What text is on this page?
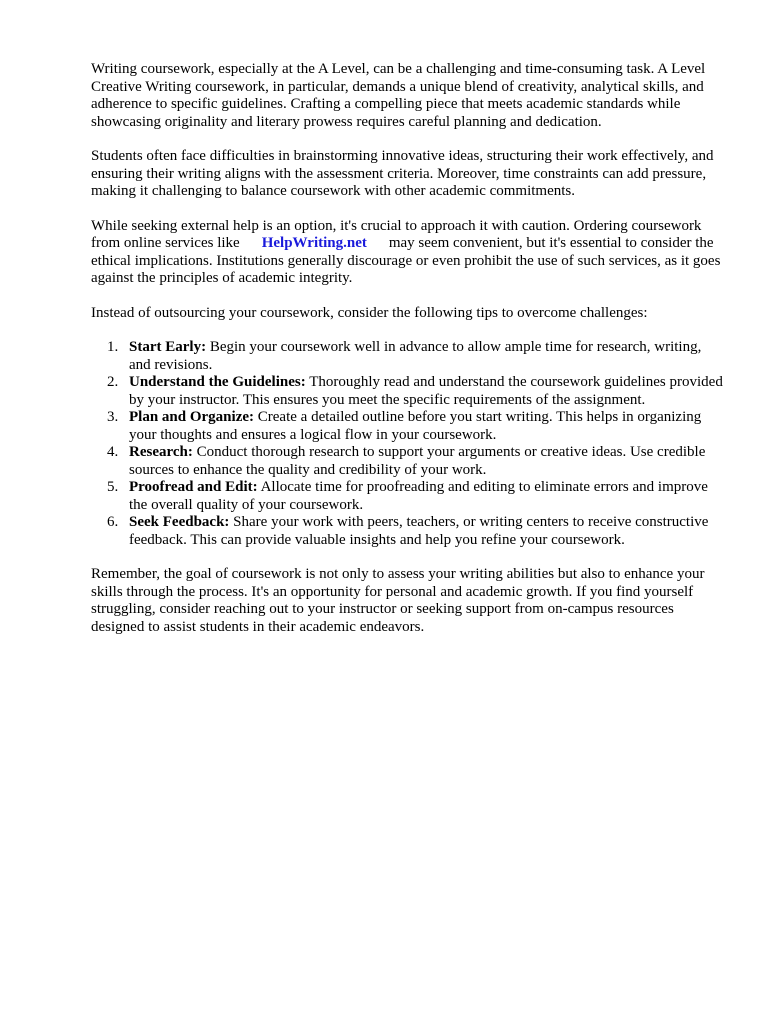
Writing coursework, especially at the A Level, can be a challenging and time-consuming task. A Level Creative Writing coursework, in particular, demands a unique blend of creativity, analytical skills, and adherence to specific guidelines. Crafting a compelling piece that meets academic standards while showcasing originality and literary prowess requires careful planning and dedication.

Students often face difficulties in brainstorming innovative ideas, structuring their work effectively, and ensuring their writing aligns with the assessment criteria. Moreover, time constraints can add pressure, making it challenging to balance coursework with other academic commitments.

While seeking external help is an option, it's crucial to approach it with caution. Ordering coursework from online services like HelpWriting.net may seem convenient, but it's essential to consider the ethical implications. Institutions generally discourage or even prohibit the use of such services, as it goes against the principles of academic integrity.

Instead of outsourcing your coursework, consider the following tips to overcome challenges:

Start Early: Begin your coursework well in advance to allow ample time for research, writing, and revisions.
Understand the Guidelines: Thoroughly read and understand the coursework guidelines provided by your instructor. This ensures you meet the specific requirements of the assignment.
Plan and Organize: Create a detailed outline before you start writing. This helps in organizing your thoughts and ensures a logical flow in your coursework.
Research: Conduct thorough research to support your arguments or creative ideas. Use credible sources to enhance the quality and credibility of your work.
Proofread and Edit: Allocate time for proofreading and editing to eliminate errors and improve the overall quality of your coursework.
Seek Feedback: Share your work with peers, teachers, or writing centers to receive constructive feedback. This can provide valuable insights and help you refine your coursework.

Remember, the goal of coursework is not only to assess your writing abilities but also to enhance your skills through the process. It's an opportunity for personal and academic growth. If you find yourself struggling, consider reaching out to your instructor or seeking support from on-campus resources designed to assist students in their academic endeavors.
